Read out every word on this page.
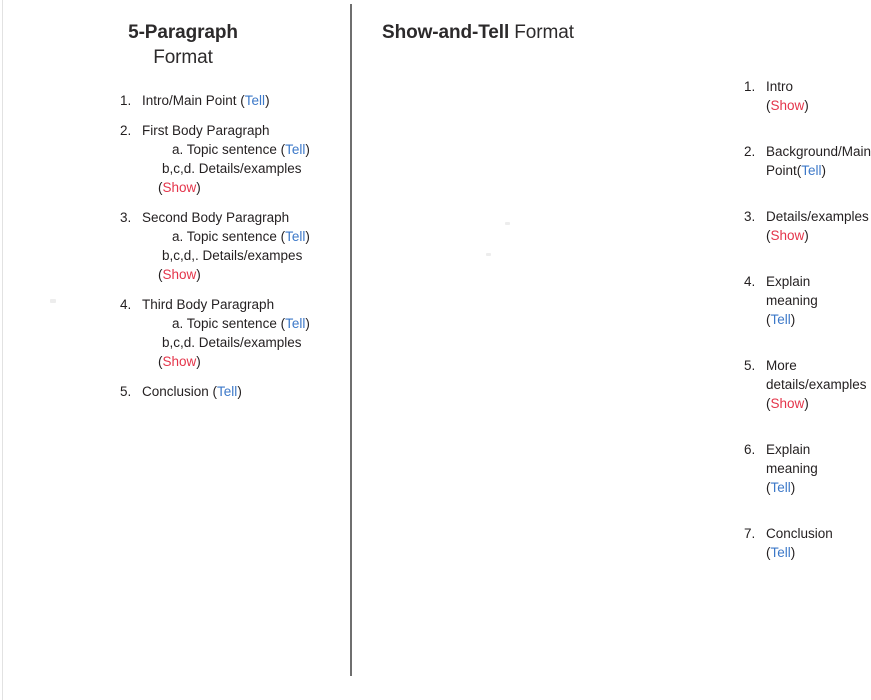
5-Paragraph
Format
1. Intro/Main Point (Tell)
2. First Body Paragraph
a. Topic sentence (Tell)
b,c,d. Details/examples
(Show)
3. Second Body Paragraph
a. Topic sentence (Tell)
b,c,d,. Details/exampes
(Show)
4. Third Body Paragraph
a. Topic sentence (Tell)
b,c,d. Details/examples
(Show)
5. Conclusion (Tell)
Show-and-Tell Format
1. Intro (Show)
2. Background/Main Point(Tell)
3. Details/examples (Show)
4. Explain meaning (Tell)
5. More details/examples (Show)
6. Explain meaning (Tell)
7. Conclusion (Tell)
